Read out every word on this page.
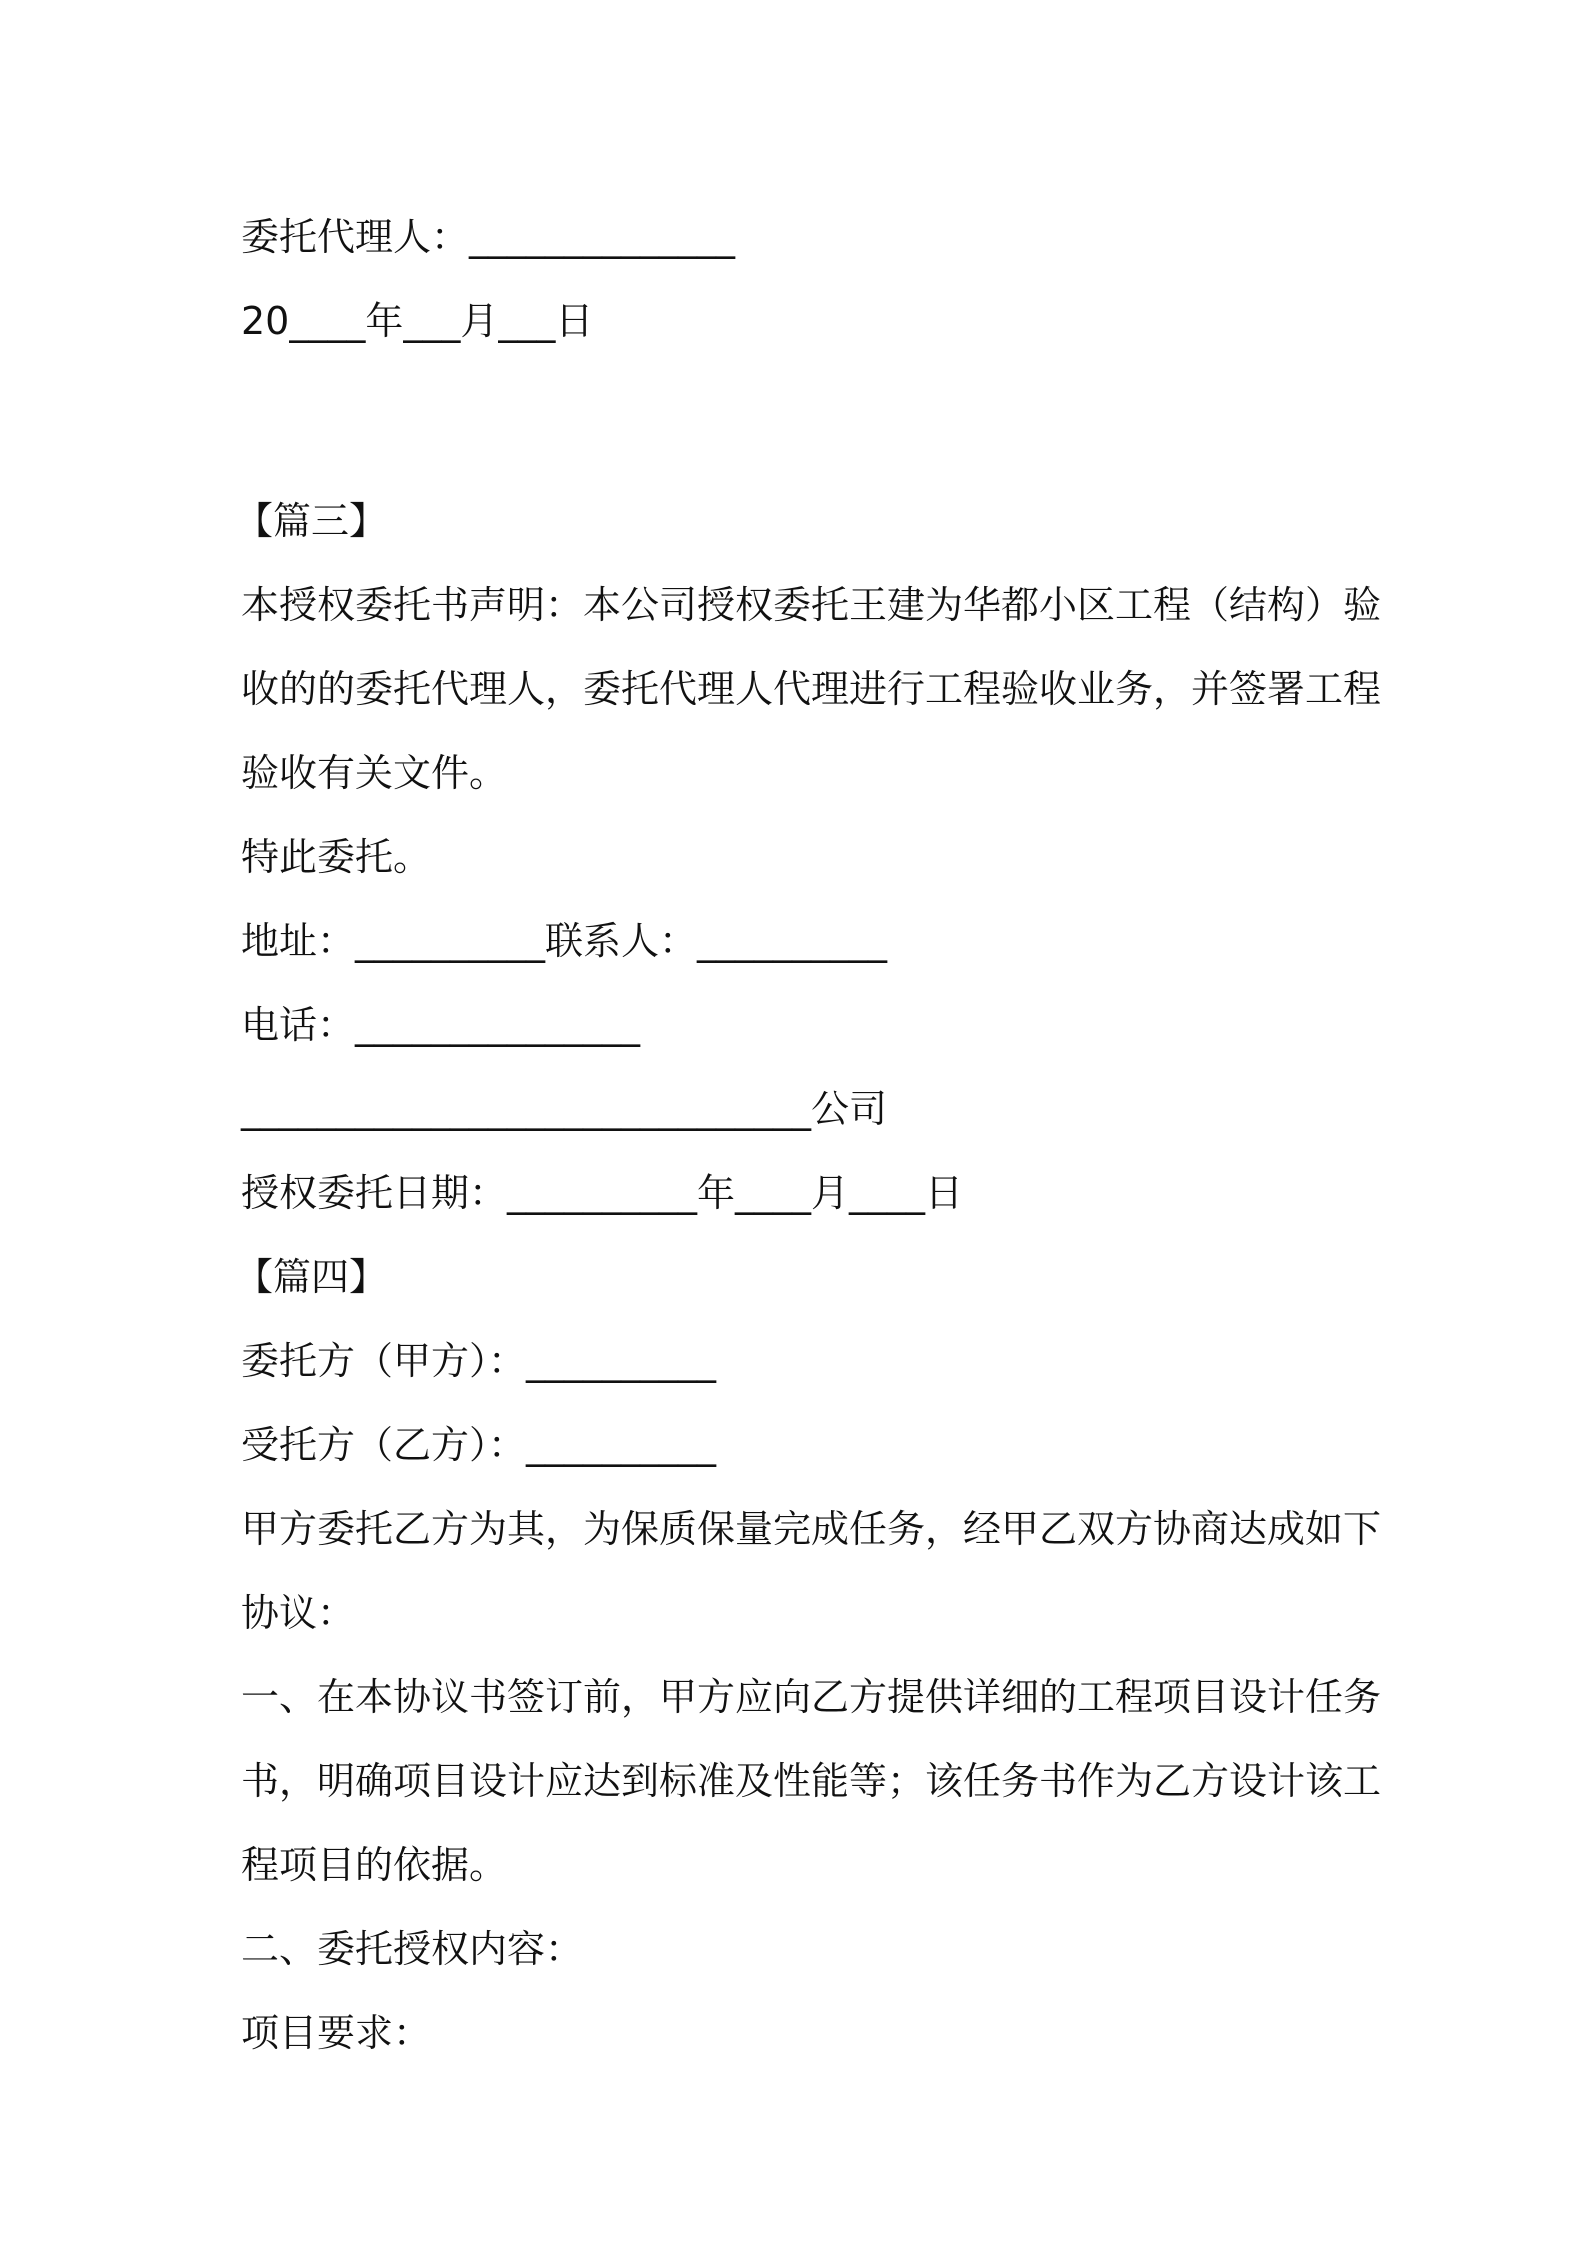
委托代理人：______________
20____年___月___日
【篇三】
本授权委托书声明：本公司授权委托王建为华都小区工程（结构）验
收的的委托代理人，委托代理人代理进行工程验收业务，并签署工程
验收有关文件。
特此委托。
地址：__________联系人：__________
电话：_______________
______________________________公司
授权委托日期：__________年____月____日
【篇四】
委托方（甲方）：__________
受托方（乙方）：__________
甲方委托乙方为其，为保质保量完成任务，经甲乙双方协商达成如下
协议：
一、在本协议书签订前，甲方应向乙方提供详细的工程项目设计任务
书，明确项目设计应达到标准及性能等；该任务书作为乙方设计该工
程项目的依据。
二、委托授权内容：
项目要求：
